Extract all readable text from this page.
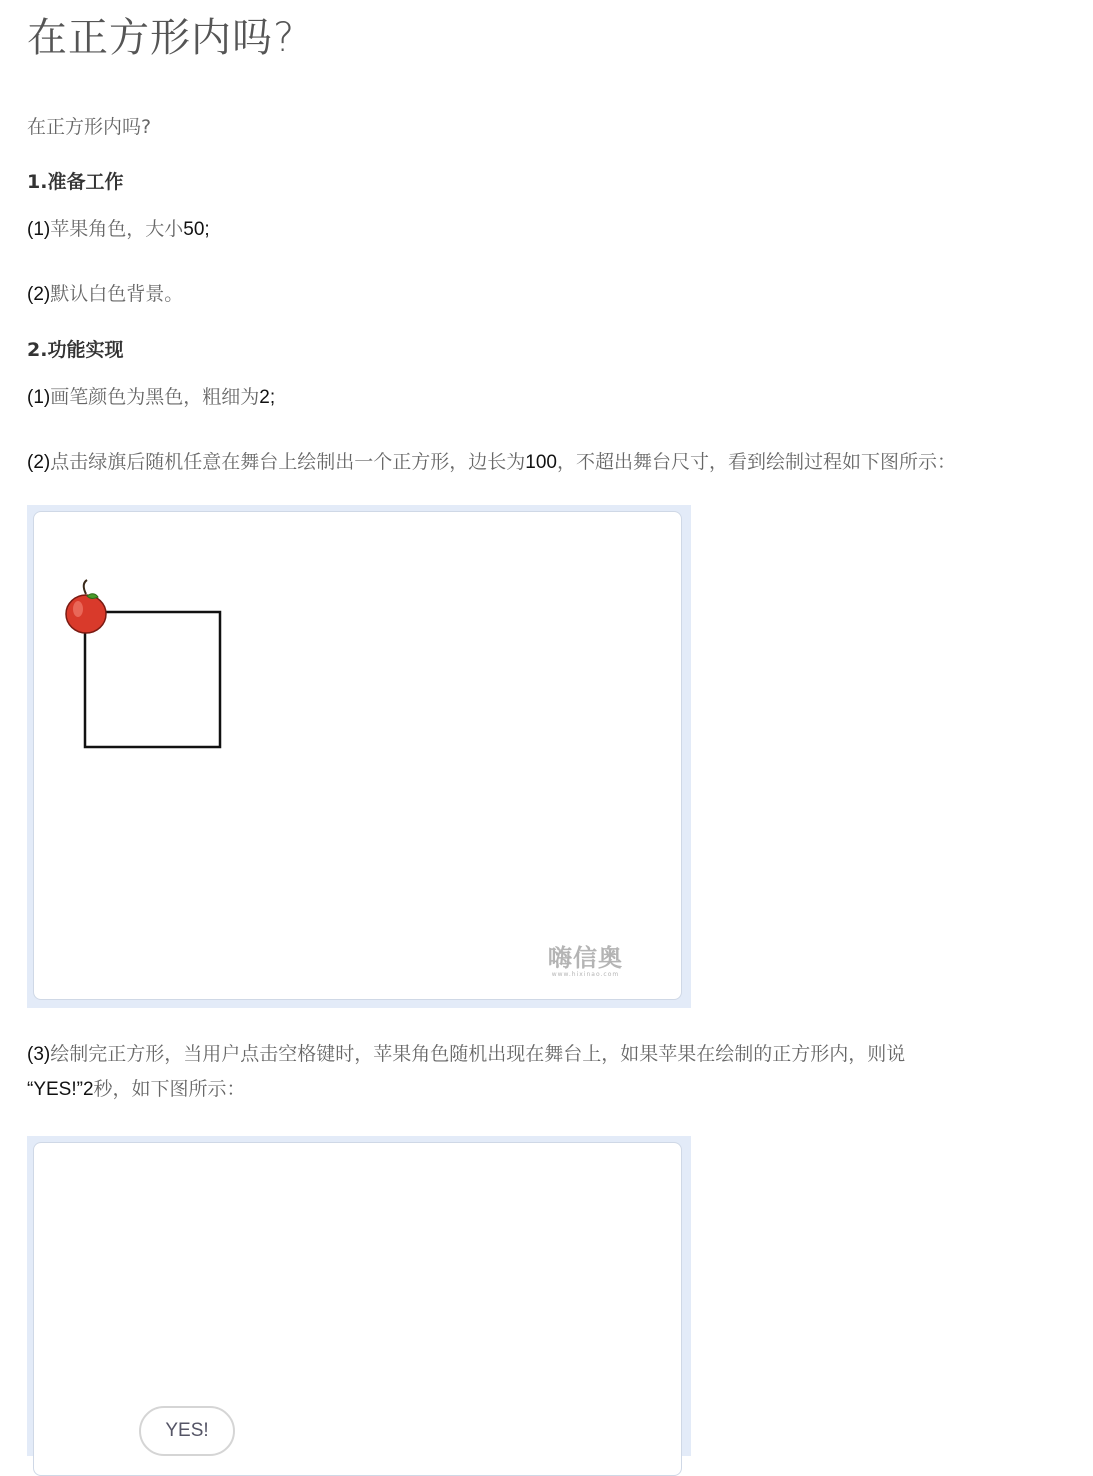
在正方形内吗?
在正方形内吗?
1.准备工作
(1)苹果角色，大小50;
(2)默认白色背景。
2.功能实现
(1)画笔颜色为黑色，粗细为2;
(2)点击绿旗后随机任意在舞台上绘制出一个正方形，边长为100，不超出舞台尺寸，看到绘制过程如下图所示：
嗨信奥
www.hixinao.com
(3)绘制完正方形，当用户点击空格键时，苹果角色随机出现在舞台上，如果苹果在绘制的正方形内，则说
“YES!”2秒，如下图所示：
YES!
